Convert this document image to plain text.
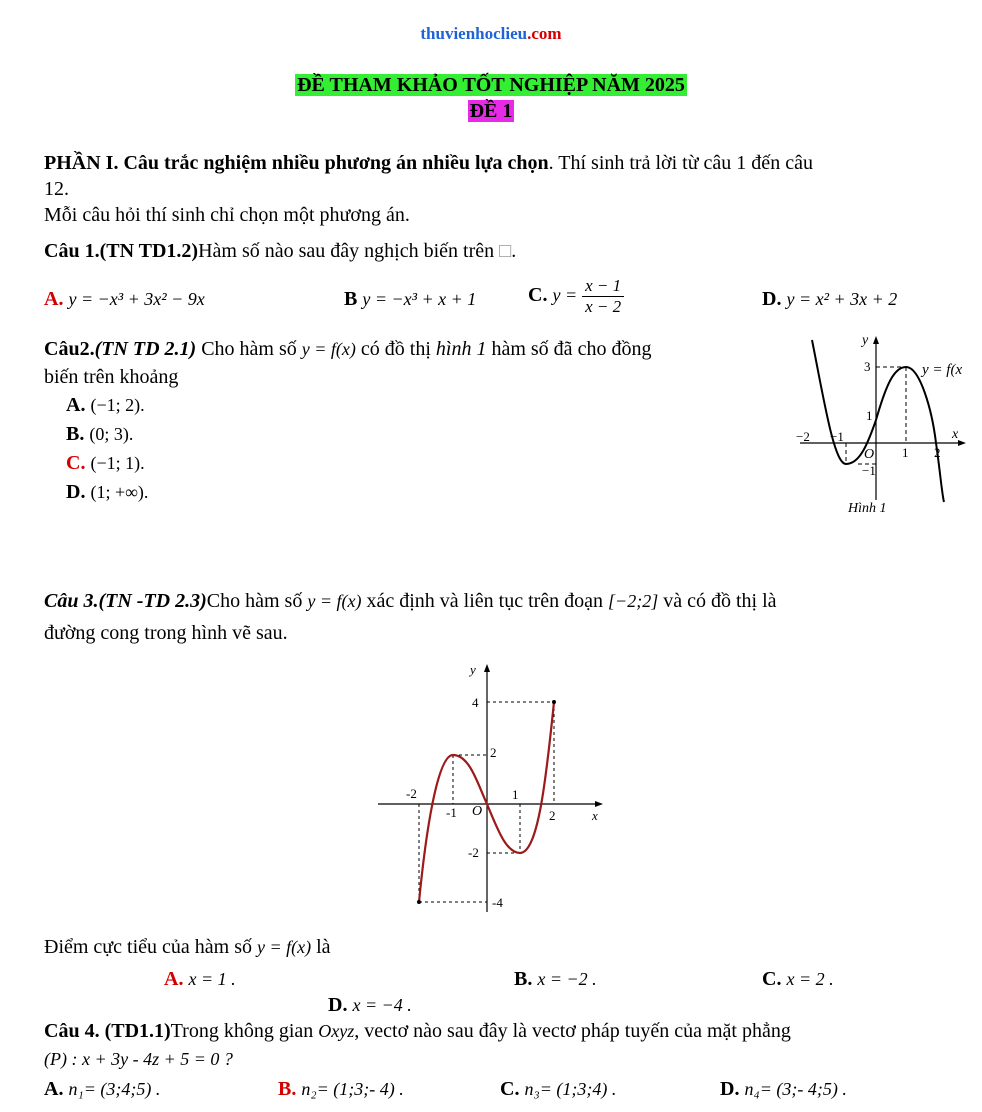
thuvienhoclieu.com
ĐỀ THAM KHẢO TỐT NGHIỆP NĂM 2025
ĐỀ 1
PHẦN I. Câu trắc nghiệm nhiều phương án nhiều lựa chọn. Thí sinh trả lời từ câu 1 đến câu
12.
Mỗi câu hỏi thí sinh chỉ chọn một phương án.
Câu 1.(TN TD1.2)Hàm số nào sau đây nghịch biến trên □.
A. y = −x³ + 3x² − 9x	B y = −x³ + x + 1	C. $y = \frac{x - 1}{x - 2}$	D. y = x² + 3x + 2
Câu2.(TN TD 2.1) Cho hàm số y = f(x) có đồ thị hình 1 hàm số đã cho đồng
biến trên khoảng
A. (−1; 2).
B. (0; 3).
C. (−1; 1).
D. (1; +∞).
y
x
O
3
1
−1
−2 −1
1 2
y = f(x
Hình 1
Câu 3.(TN -TD 2.3)Cho hàm số y = f(x) xác định và liên tục trên đoạn [−2;2] và có đồ thị là
đường cong trong hình vẽ sau.
y
x
O
4
2
-2
-4
-2
-1
1
2
Điểm cực tiểu của hàm số y = f(x) là
A. x = 1 .	B. x = −2 .	C. x = 2 .
D. x = −4 .
Câu 4. (TD1.1)Trong không gian Oxyz, vectơ nào sau đây là vectơ pháp tuyến của mặt phẳng
(P) : x + 3y - 4z + 5 = 0 ?
A. n₁= (3;4;5) .	B. n₂= (1;3;- 4) .	C. n₃= (1;3;4) .	D. n₄= (3;- 4;5) .
